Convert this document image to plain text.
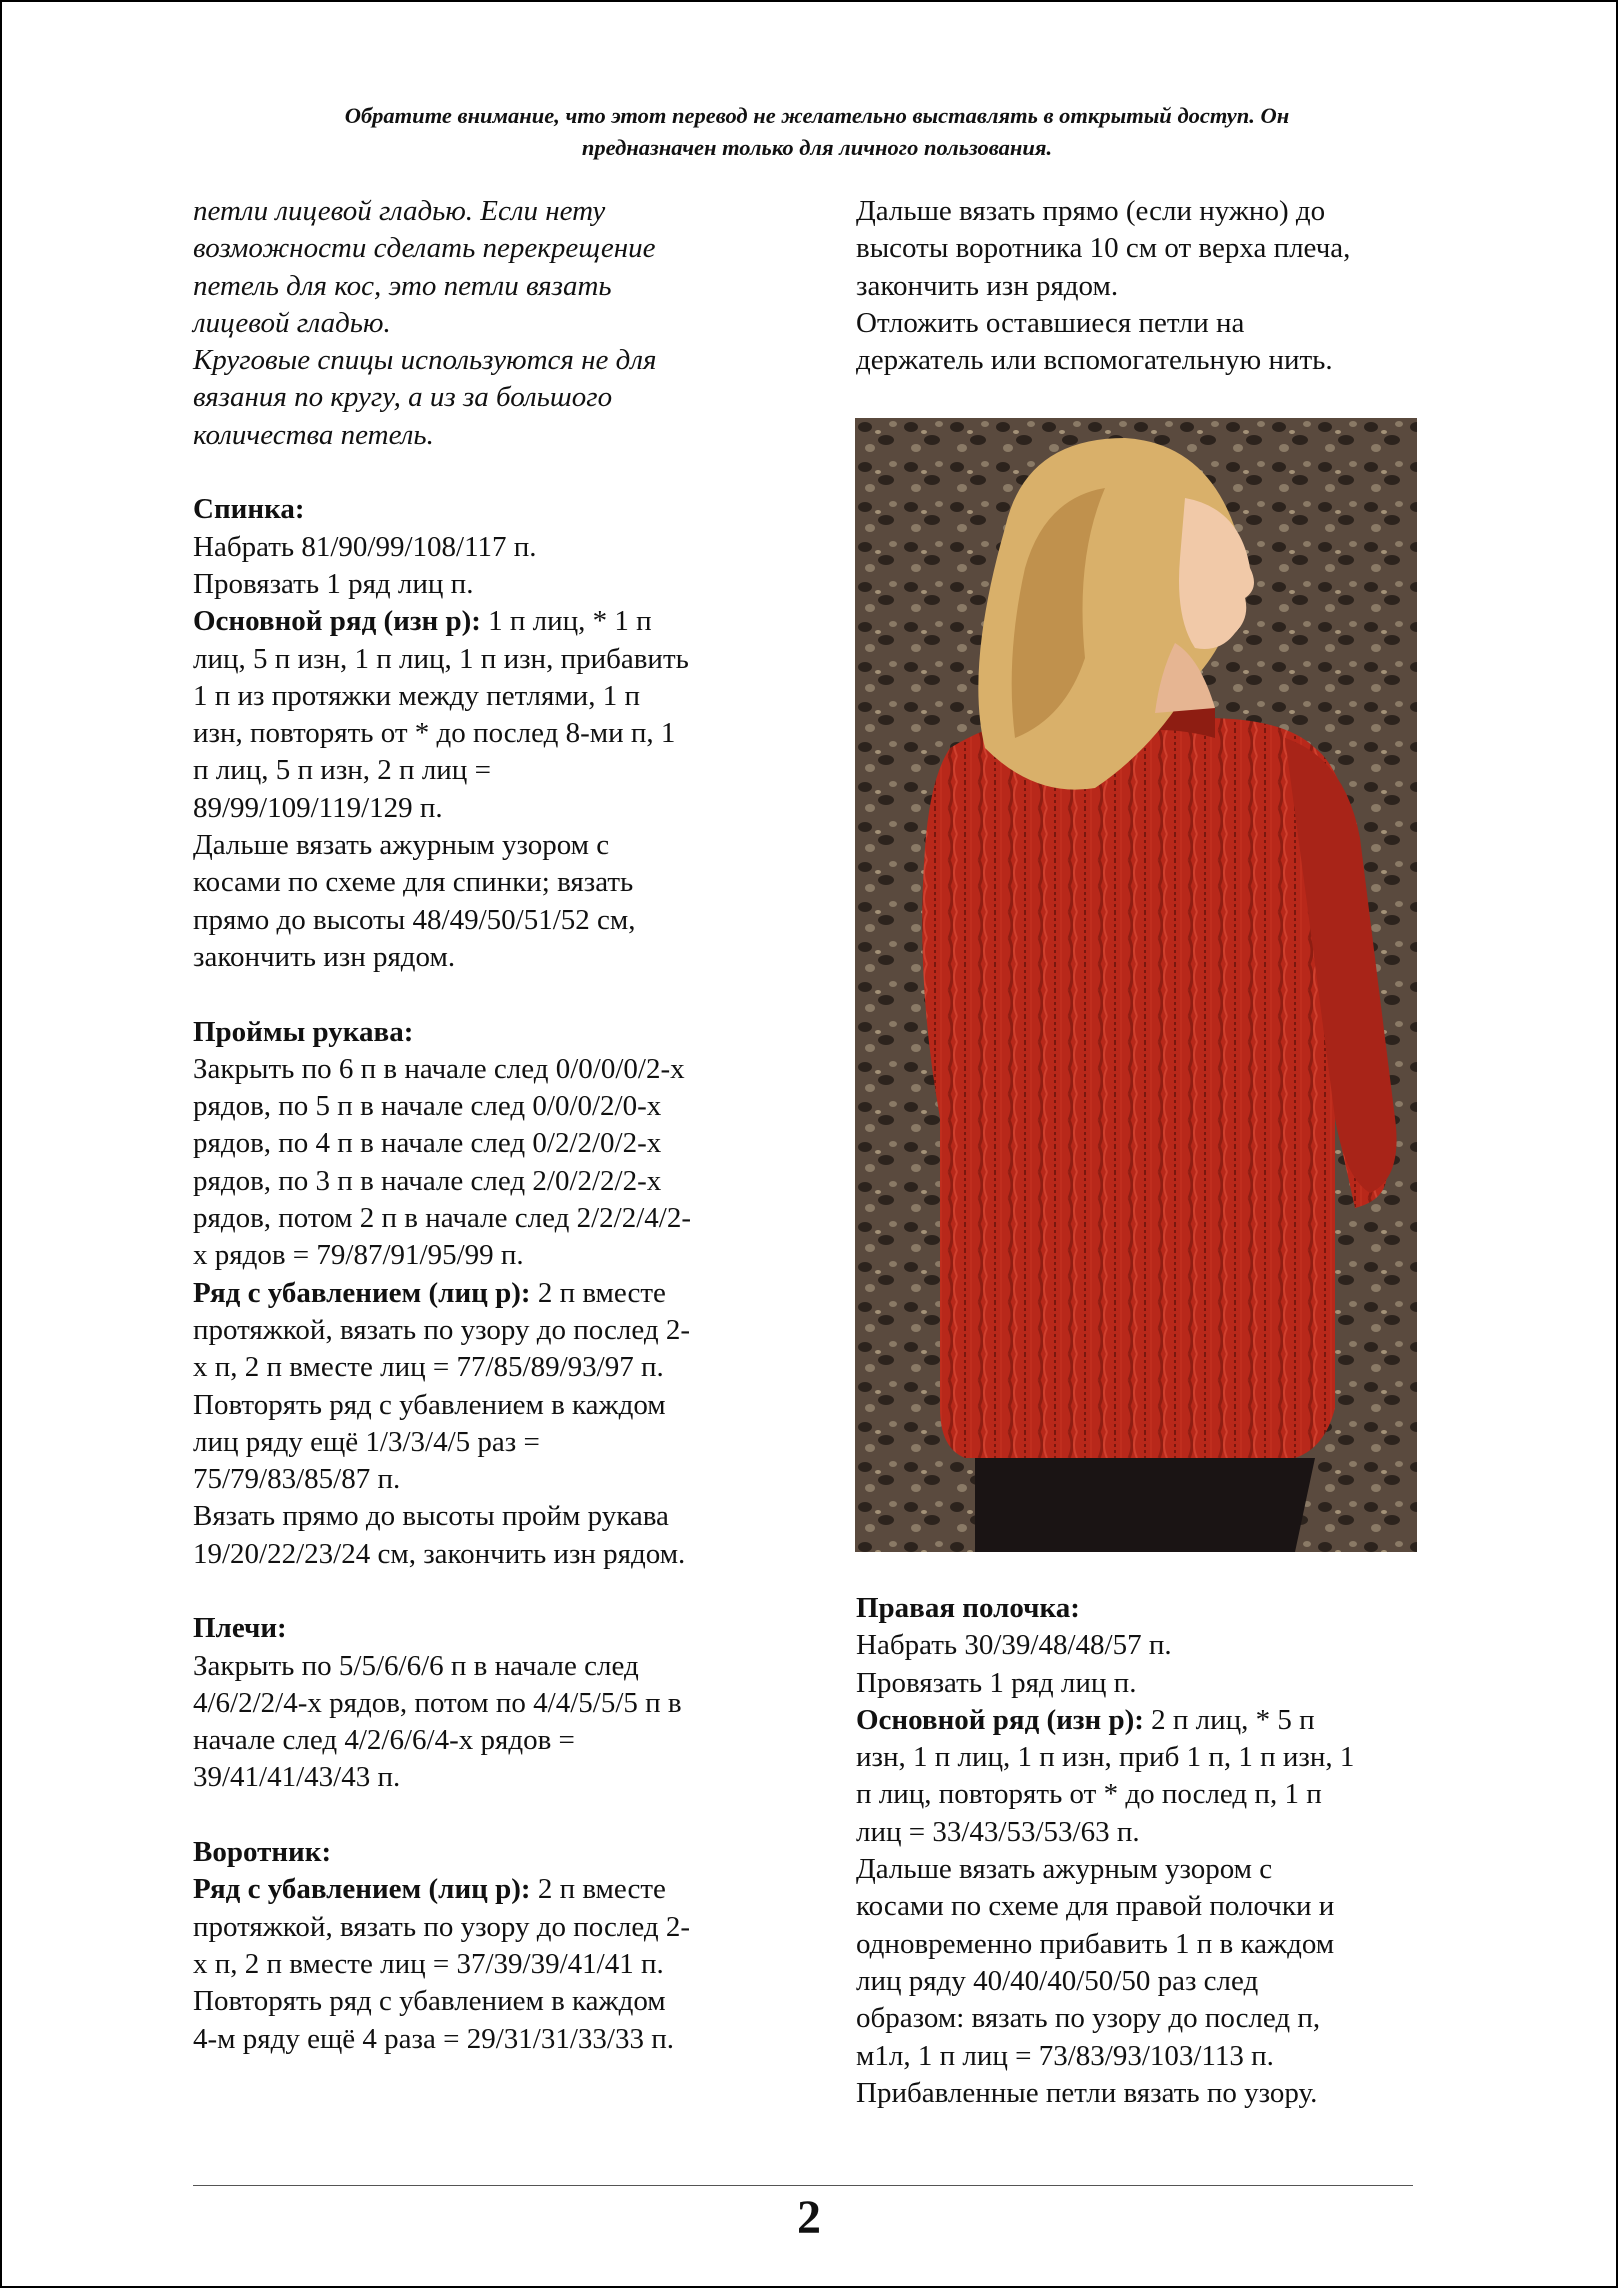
Обратите внимание, что этот перевод не желательно выставлять в открытый доступ. Он
предназначен только для личного пользования.

петли лицевой гладью. Если нету

возможности сделать перекрещение

петель для кос, это петли вязать

лицевой гладью.

Круговые спицы используются не для

вязания по кругу, а из за большого

количества петель.

Спинка:

Набрать 81/90/99/108/117 п.

Провязать 1 ряд лиц п.

Основной ряд (изн р): 1 п лиц, * 1 п

лиц, 5 п изн, 1 п лиц, 1 п изн, прибавить

1 п из протяжки между петлями, 1 п

изн, повторять от * до послед 8-ми п, 1

п лиц, 5 п изн, 2 п лиц =

89/99/109/119/129 п.

Дальше вязать ажурным узором с

косами по схеме для спинки; вязать

прямо до высоты 48/49/50/51/52 см,

закончить изн рядом.

Проймы рукава:

Закрыть по 6 п в начале след 0/0/0/0/2-х

рядов, по 5 п в начале след 0/0/0/2/0-х

рядов, по 4 п в начале след 0/2/2/0/2-х

рядов, по 3 п в начале след 2/0/2/2/2-х

рядов, потом 2 п в начале след 2/2/2/4/2-

х рядов = 79/87/91/95/99 п.

Ряд с убавлением (лиц р): 2 п вместе

протяжкой, вязать по узору до послед 2-

х п, 2 п вместе лиц = 77/85/89/93/97 п.

Повторять ряд с убавлением в каждом

лиц ряду ещё 1/3/3/4/5 раз =

75/79/83/85/87 п.

Вязать прямо до высоты пройм рукава

19/20/22/23/24 см, закончить изн рядом.

Плечи:

Закрыть по 5/5/6/6/6 п в начале след

4/6/2/2/4-х рядов, потом по 4/4/5/5/5 п в

начале след 4/2/6/6/4-х рядов =

39/41/41/43/43 п.

Воротник:

Ряд с убавлением (лиц р): 2 п вместе

протяжкой, вязать по узору до послед 2-

х п, 2 п вместе лиц = 37/39/39/41/41 п.

Повторять ряд с убавлением в каждом

4-м ряду ещё 4 раза = 29/31/31/33/33 п.

Дальше вязать прямо (если нужно) до

высоты воротника 10 см от верха плеча,

закончить изн рядом.

Отложить оставшиеся петли на

держатель или вспомогательную нить.

Правая полочка:

Набрать 30/39/48/48/57 п.

Провязать 1 ряд лиц п.

Основной ряд (изн р): 2 п лиц, * 5 п

изн, 1 п лиц, 1 п изн, приб 1 п, 1 п изн, 1

п лиц, повторять от * до послед п, 1 п

лиц = 33/43/53/53/63 п.

Дальше вязать ажурным узором с

косами по схеме для правой полочки и

одновременно прибавить 1 п в каждом

лиц ряду 40/40/40/50/50 раз след

образом: вязать по узору до послед п,

м1л, 1 п лиц = 73/83/93/103/113 п.

Прибавленные петли вязать по узору.

2
